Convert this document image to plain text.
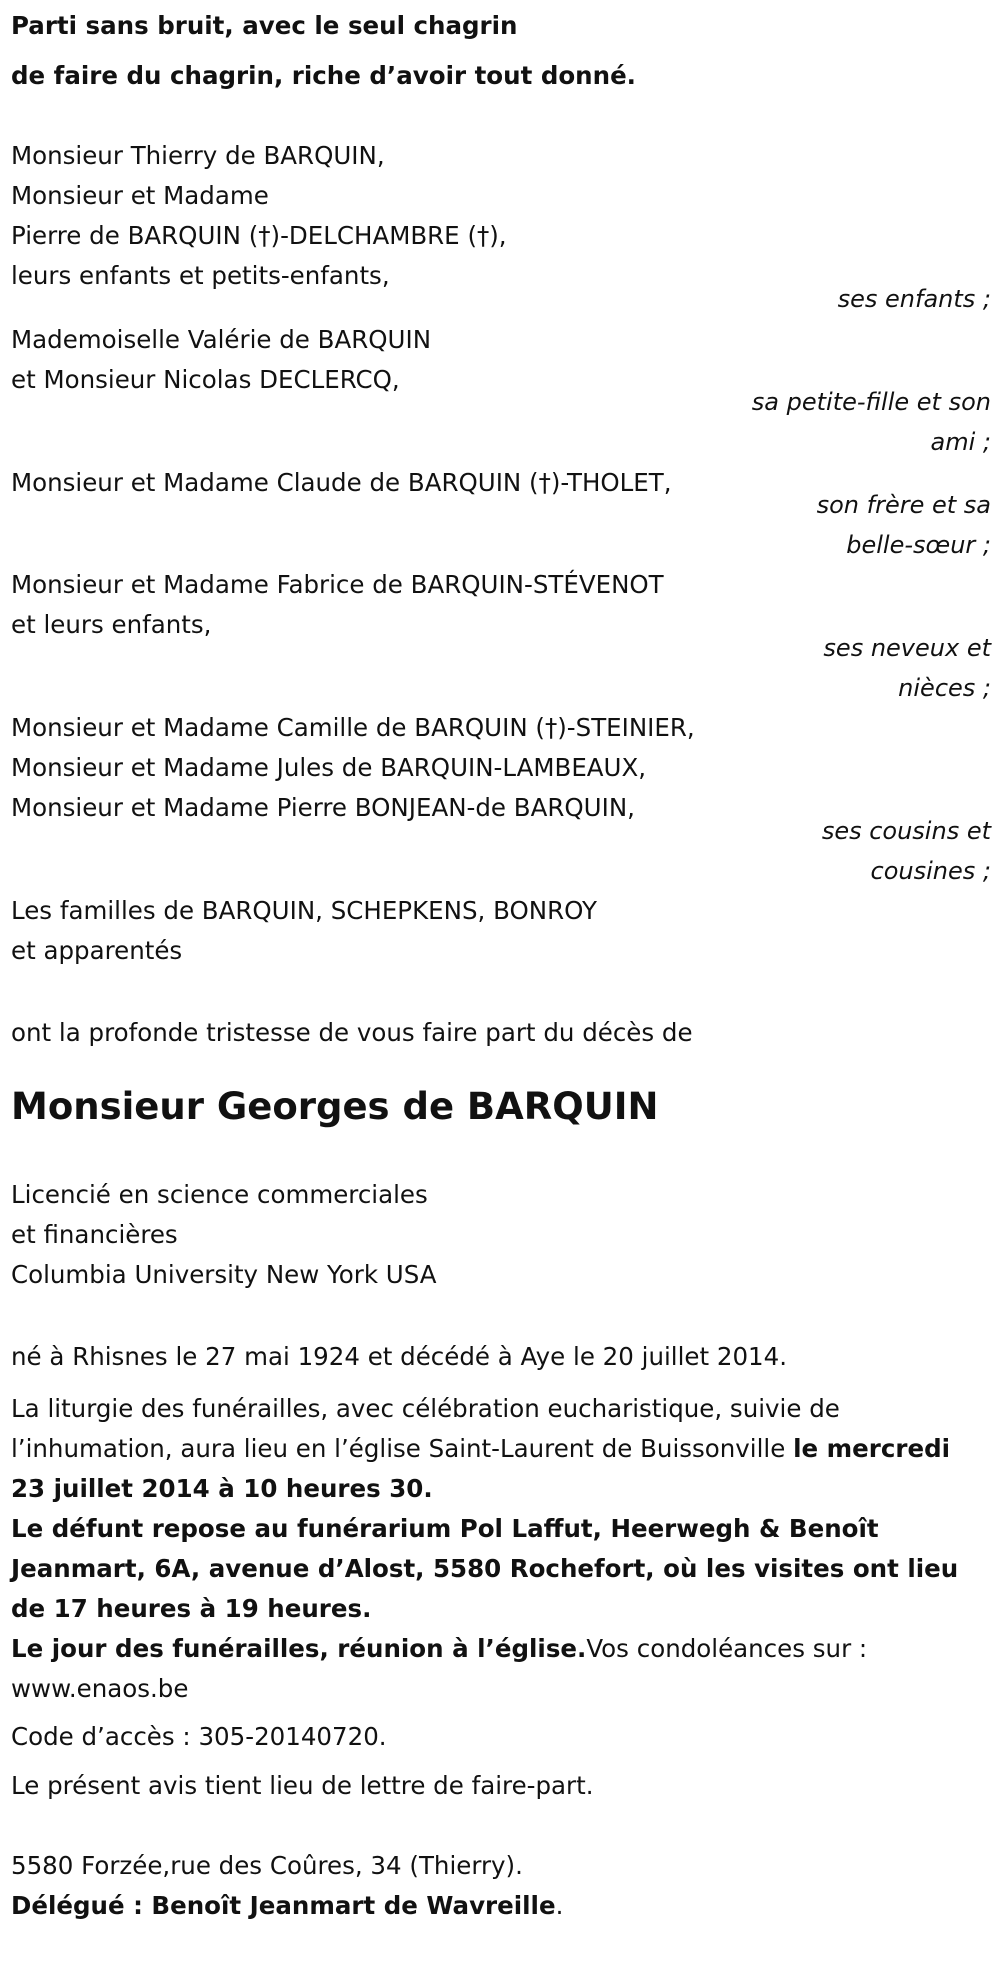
Parti sans bruit, avec le seul chagrin
de faire du chagrin, riche d’avoir tout donné.
Monsieur Thierry de BARQUIN,
Monsieur et Madame
Pierre de BARQUIN (†)-DELCHAMBRE (†),
leurs enfants et petits-enfants,
ses enfants ;
Mademoiselle Valérie de BARQUIN
et Monsieur Nicolas DECLERCQ,
sa petite-fille et son
ami ;
Monsieur et Madame Claude de BARQUIN (†)-THOLET,
son frère et sa
belle-sœur ;
Monsieur et Madame Fabrice de BARQUIN-STÉVENOT
et leurs enfants,
ses neveux et
nièces ;
Monsieur et Madame Camille de BARQUIN (†)-STEINIER,
Monsieur et Madame Jules de BARQUIN-LAMBEAUX,
Monsieur et Madame Pierre BONJEAN-de BARQUIN,
ses cousins et
cousines ;
Les familles de BARQUIN, SCHEPKENS, BONROY
et apparentés
ont la profonde tristesse de vous faire part du décès de
Monsieur Georges de BARQUIN
Licencié en science commerciales
et financières
Columbia University New York USA
né à Rhisnes le 27 mai 1924 et décédé à Aye le 20 juillet 2014.
La liturgie des funérailles, avec célébration eucharistique, suivie de l’inhumation, aura lieu en l’église Saint-Laurent de Buissonville le mercredi 23 juillet 2014 à 10 heures 30.
Le défunt repose au funérarium Pol Laffut, Heerwegh & Benoît Jeanmart, 6A, avenue d’Alost, 5580 Rochefort, où les visites ont lieu de 17 heures à 19 heures.
Le jour des funérailles, réunion à l’église.Vos condoléances sur : www.enaos.be
Code d’accès : 305-20140720.
Le présent avis tient lieu de lettre de faire-part.
5580 Forzée,rue des Coûres, 34 (Thierry).
Délégué : Benoît Jeanmart de Wavreille.
